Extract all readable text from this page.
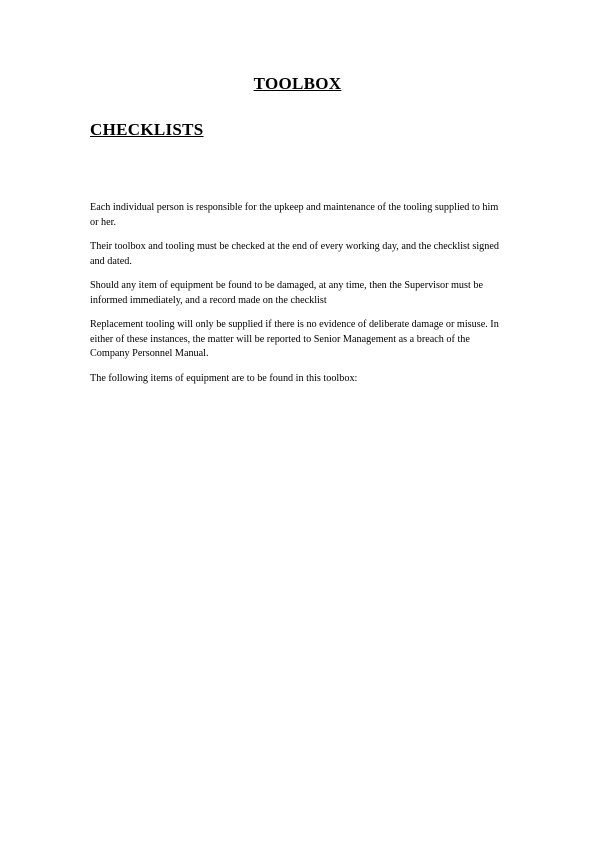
TOOLBOX
CHECKLISTS

Each individual person is responsible for the upkeep and maintenance of the tooling supplied to him or her.

Their toolbox and tooling must be checked at the end of every working day, and the checklist signed and dated.

Should any item of equipment be found to be damaged, at any time, then the Supervisor must be informed immediately, and a record made on the checklist

Replacement tooling will only be supplied if there is no evidence of deliberate damage or misuse. In either of these instances, the matter will be reported to Senior Management as a breach of the Company Personnel Manual.

The following items of equipment are to be found in this toolbox:
